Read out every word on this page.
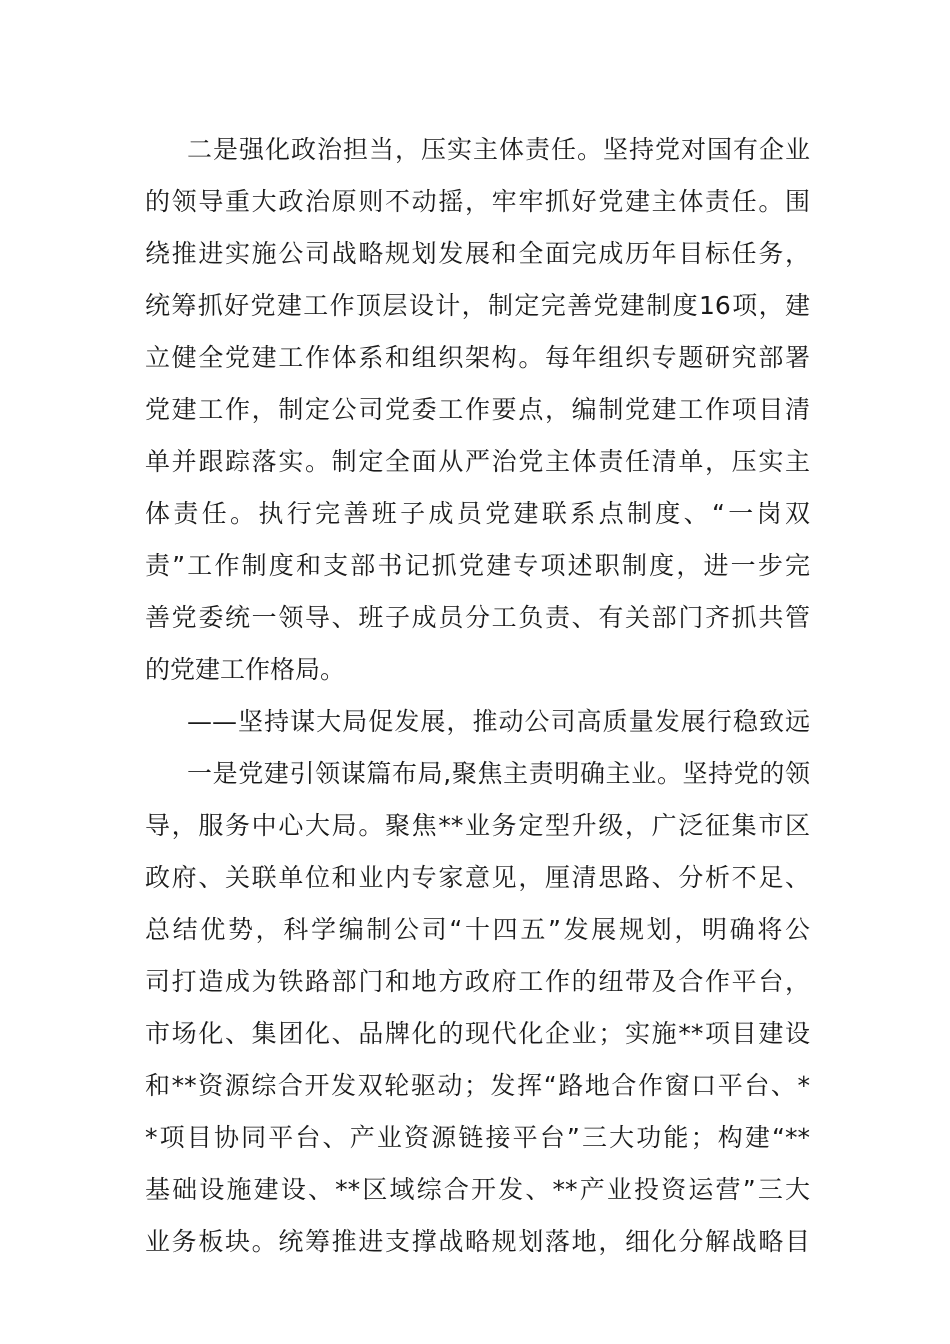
二是强化政治担当，压实主体责任。坚持党对国有企业
的领导重大政治原则不动摇，牢牢抓好党建主体责任。围
绕推进实施公司战略规划发展和全面完成历年目标任务，
统筹抓好党建工作顶层设计，制定完善党建制度16项，建
立健全党建工作体系和组织架构。每年组织专题研究部署
党建工作，制定公司党委工作要点，编制党建工作项目清
单并跟踪落实。制定全面从严治党主体责任清单，压实主
体责任。执行完善班子成员党建联系点制度、“一岗双
责”工作制度和支部书记抓党建专项述职制度，进一步完
善党委统一领导、班子成员分工负责、有关部门齐抓共管
的党建工作格局。
——坚持谋大局促发展，推动公司高质量发展行稳致远
一是党建引领谋篇布局,聚焦主责明确主业。坚持党的领
导，服务中心大局。聚焦**业务定型升级，广泛征集市区
政府、关联单位和业内专家意见，厘清思路、分析不足、
总结优势，科学编制公司“十四五”发展规划，明确将公
司打造成为铁路部门和地方政府工作的纽带及合作平台，
市场化、集团化、品牌化的现代化企业；实施**项目建设
和**资源综合开发双轮驱动；发挥“路地合作窗口平台、*
*项目协同平台、产业资源链接平台”三大功能；构建“**
基础设施建设、**区域综合开发、**产业投资运营”三大
业务板块。统筹推进支撑战略规划落地，细化分解战略目
